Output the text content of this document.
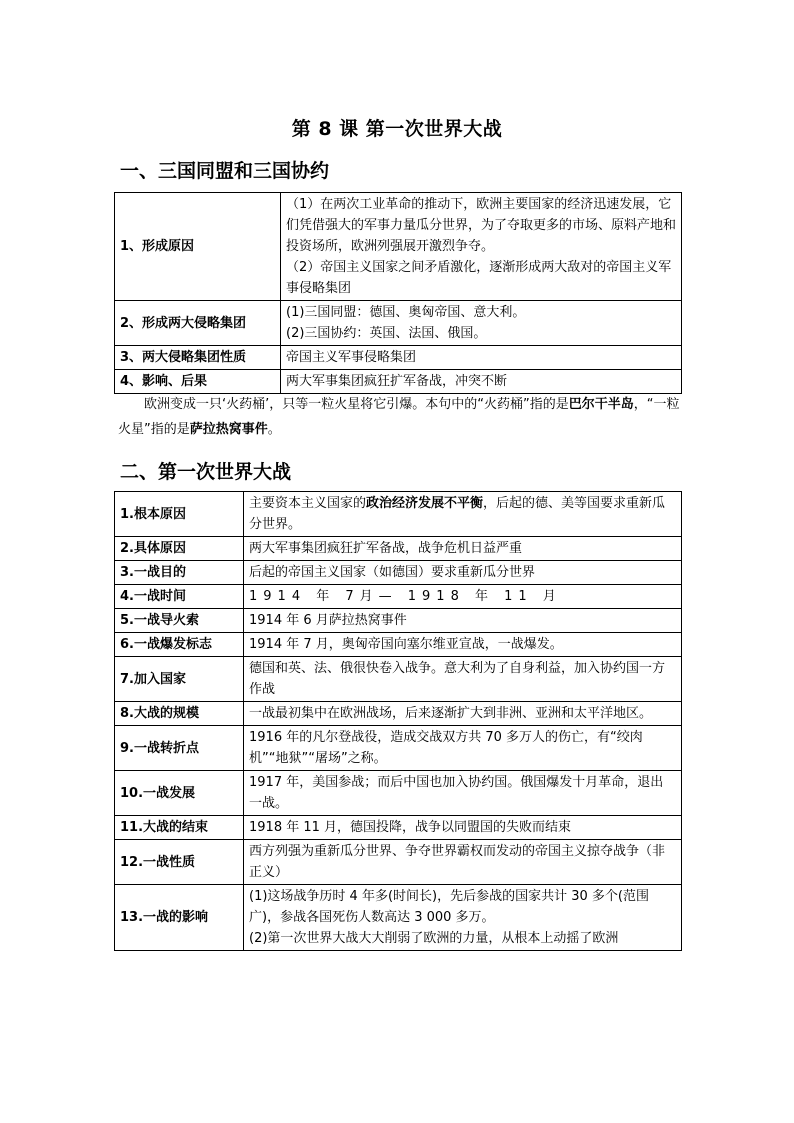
第 8 课 第一次世界大战
一、三国同盟和三国协约
1、形成原因	（1）在两次工业革命的推动下，欧洲主要国家的经济迅速发展，它们凭借强大的军事力量瓜分世界，为了夺取更多的市场、原料产地和投资场所，欧洲列强展开激烈争夺。
（2）帝国主义国家之间矛盾激化，逐渐形成两大敌对的帝国主义军事侵略集团

2、形成两大侵略集团	(1)三国同盟：德国、奥匈帝国、意大利。
(2)三国协约：英国、法国、俄国。

3、两大侵略集团性质	帝国主义军事侵略集团

4、影响、后果	两大军事集团疯狂扩军备战，冲突不断
欧洲变成一只‘火药桶’，只等一粒火星将它引爆。本句中的“火药桶”指的是巴尔干半岛，“一粒火星”指的是萨拉热窝事件。
二、第一次世界大战
1.根本原因	主要资本主义国家的政治经济发展不平衡，后起的德、美等国要求重新瓜分世界。
2.具体原因	两大军事集团疯狂扩军备战，战争危机日益严重
3.一战目的	后起的帝国主义国家（如德国）要求重新瓜分世界
4.一战时间	1914 年 7月— 1918 年 11 月
5.一战导火索	1914 年 6 月萨拉热窝事件
6.一战爆发标志	1914 年 7 月，奥匈帝国向塞尔维亚宣战，一战爆发。
7.加入国家	德国和英、法、俄很快卷入战争。意大利为了自身利益，加入协约国一方作战
8.大战的规模	一战最初集中在欧洲战场，后来逐渐扩大到非洲、亚洲和太平洋地区。
9.一战转折点	1916 年的凡尔登战役，造成交战双方共 70 多万人的伤亡，有“绞肉机”“地狱”“屠场”之称。
10.一战发展	1917 年，美国参战；而后中国也加入协约国。俄国爆发十月革命，退出一战。
11.大战的结束	1918 年 11 月，德国投降，战争以同盟国的失败而结束
12.一战性质	西方列强为重新瓜分世界、争夺世界霸权而发动的帝国主义掠夺战争（非正义）
13.一战的影响	(1)这场战争历时 4 年多(时间长)，先后参战的国家共计 30 多个(范围广)，参战各国死伤人数高达 3 000 多万。
(2)第一次世界大战大大削弱了欧洲的力量，从根本上动摇了欧洲
